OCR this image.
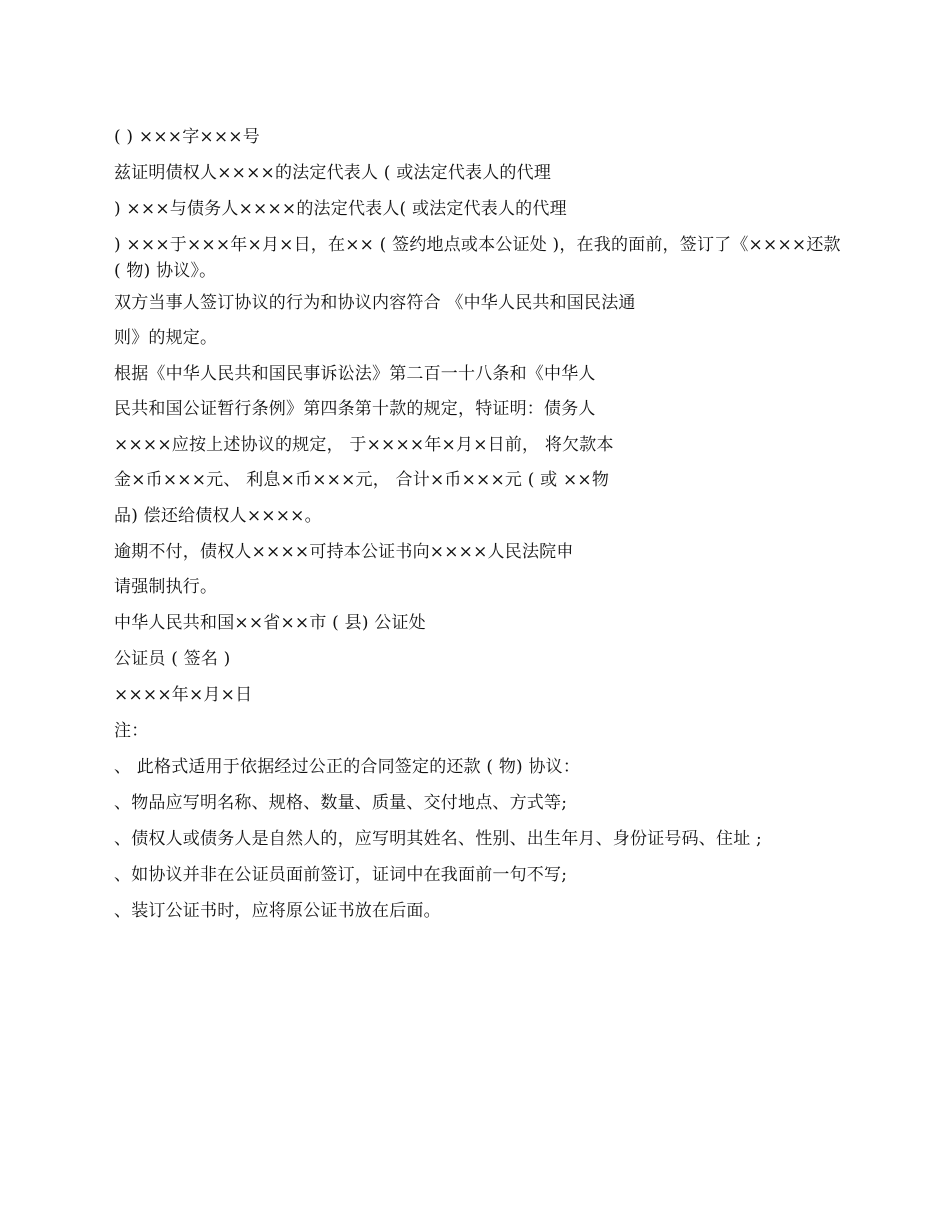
( ) ×××字×××号
兹证明债权人××××的法定代表人 ( 或法定代表人的代理
) ×××与债务人××××的法定代表人( 或法定代表人的代理
) ×××于×××年×月×日，在×× ( 签约地点或本公证处 )，在我的面前，签订了《××××还款 ( 物) 协议》。
双方当事人签订协议的行为和协议内容符合 《中华人民共和国民法通
则》的规定。
根据《中华人民共和国民事诉讼法》第二百一十八条和《中华人
民共和国公证暂行条例》第四条第十款的规定，特证明：债务人
××××应按上述协议的规定， 于××××年×月×日前， 将欠款本
金×币×××元、 利息×币×××元， 合计×币×××元 ( 或 ××物
品) 偿还给债权人××××。
逾期不付，债权人××××可持本公证书向××××人民法院申
请强制执行。
中华人民共和国××省××市 ( 县) 公证处
公证员 ( 签名 )
××××年×月×日
注：
、 此格式适用于依据经过公正的合同签定的还款 ( 物) 协议：
、物品应写明名称、规格、数量、质量、交付地点、方式等;
、债权人或债务人是自然人的，应写明其姓名、性别、出生年月、身份证号码、住址 ;
、如协议并非在公证员面前签订，证词中在我面前一句不写;
、装订公证书时，应将原公证书放在后面。
